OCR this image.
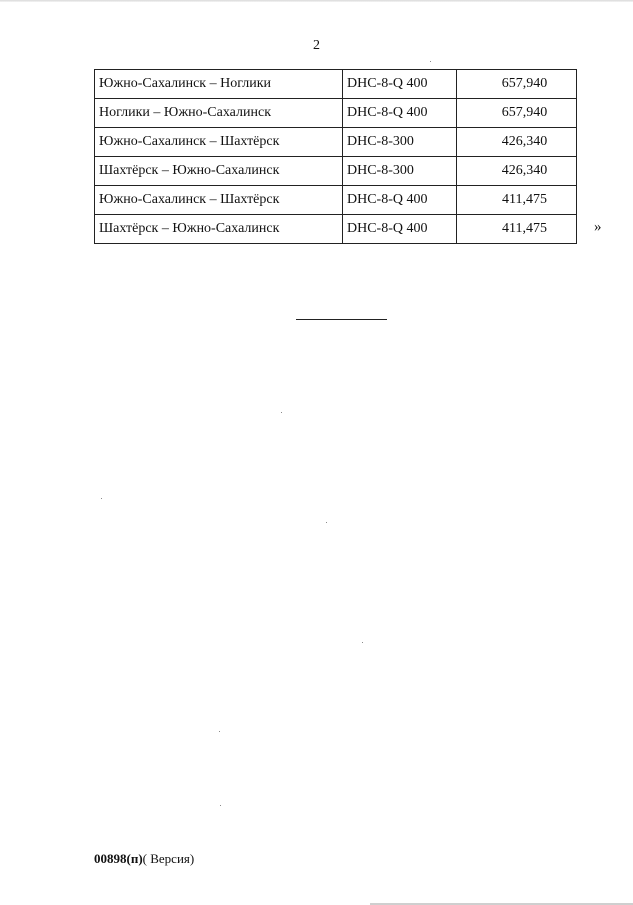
2
Южно-Сахалинск – Ноглики	DHC-8-Q 400	657,940
Ноглики – Южно-Сахалинск	DHC-8-Q 400	657,940
Южно-Сахалинск – Шахтёрск	DHC-8-300	426,340
Шахтёрск – Южно-Сахалинск	DHC-8-300	426,340
Южно-Сахалинск – Шахтёрск	DHC-8-Q 400	411,475
Шахтёрск – Южно-Сахалинск	DHC-8-Q 400	411,475	»
00898(п)( Версия)
